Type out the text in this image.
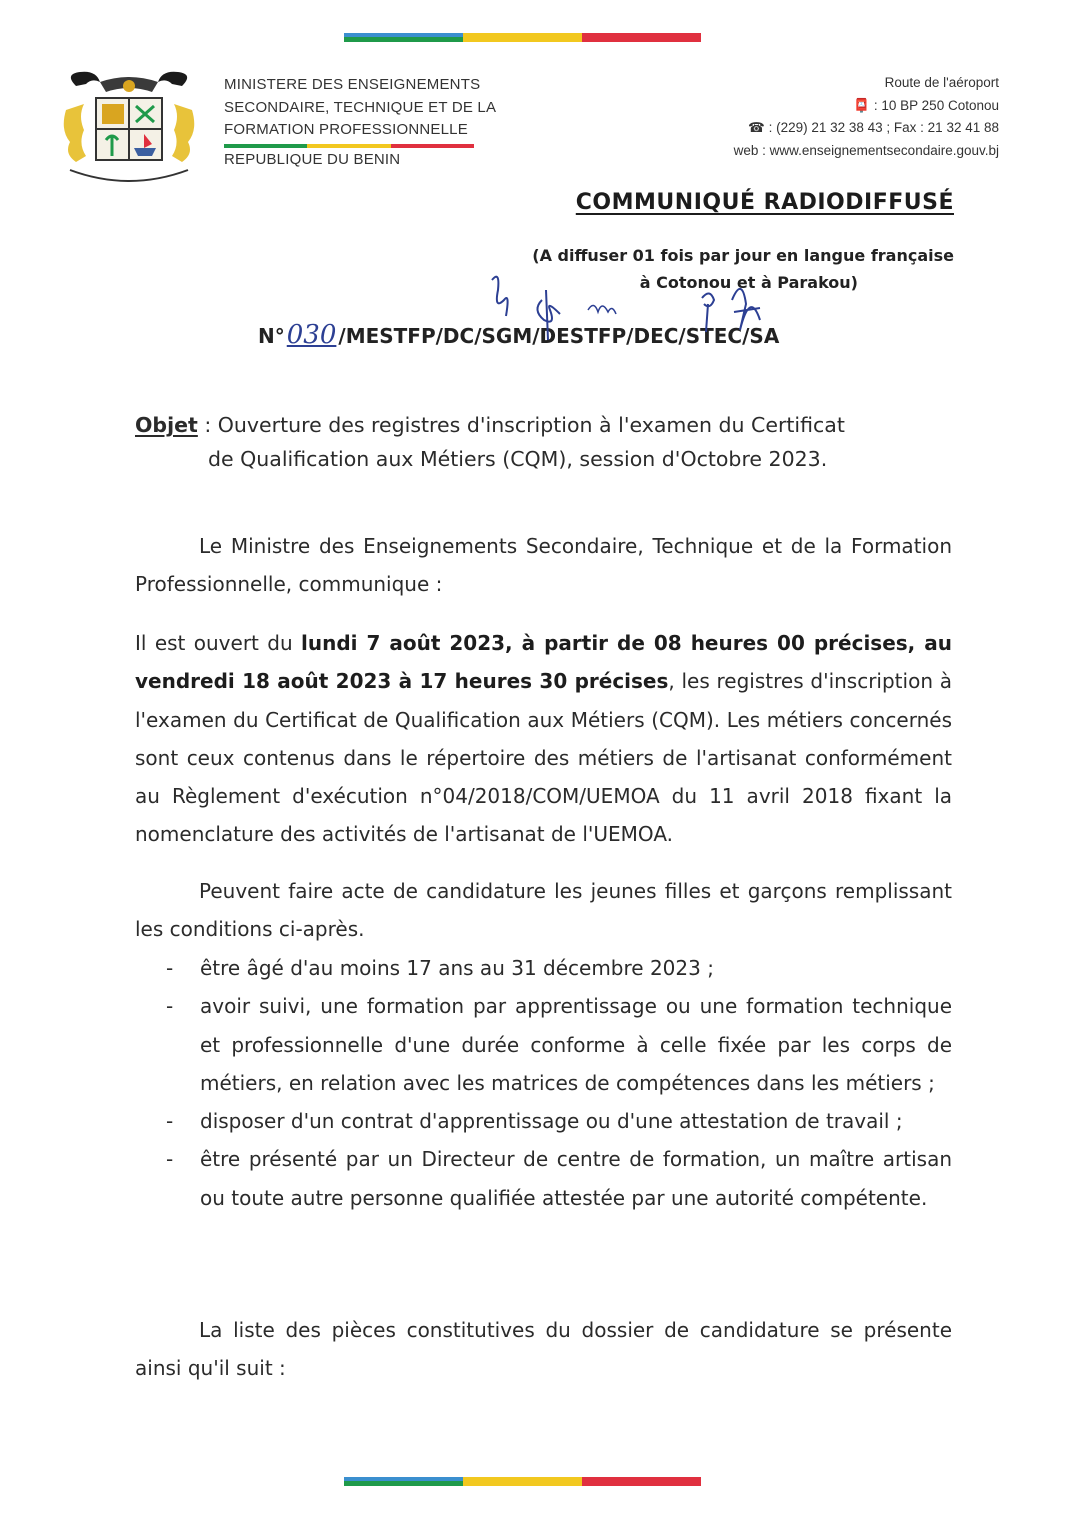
MINISTERE DES ENSEIGNEMENTS
SECONDAIRE, TECHNIQUE ET DE LA
FORMATION PROFESSIONNELLE
REPUBLIQUE DU BENIN
Route de l'aéroport
📮 : 10 BP 250 Cotonou
☎ : (229) 21 32 38 43 ; Fax : 21 32 41 88
web : www.enseignementsecondaire.gouv.bj
COMMUNIQUÉ RADIODIFFUSÉ
(A diffuser 01 fois par jour en langue française
à Cotonou et à Parakou)
N°030 /MESTFP/DC/SGM/DESTFP/DEC/STEC/SA
Objet : Ouverture des registres d'inscription à l'examen du Certificat
de Qualification aux Métiers (CQM), session d'Octobre 2023.

Le Ministre des Enseignements Secondaire, Technique et de la Formation Professionnelle, communique :

Il est ouvert du lundi 7 août 2023, à partir de 08 heures 00 précises, au vendredi 18 août 2023 à 17 heures 30 précises, les registres d'inscription à l'examen du Certificat de Qualification aux Métiers (CQM). Les métiers concernés sont ceux contenus dans le répertoire des métiers de l'artisanat conformément au Règlement d'exécution n°04/2018/COM/UEMOA du 11 avril 2018 fixant la nomenclature des activités de l'artisanat de l'UEMOA.

Peuvent faire acte de candidature les jeunes filles et garçons remplissant les conditions ci-après.

- être âgé d'au moins 17 ans au 31 décembre 2023 ;
- avoir suivi, une formation par apprentissage ou une formation technique et professionnelle d'une durée conforme à celle fixée par les corps de métiers, en relation avec les matrices de compétences dans les métiers ;
- disposer d'un contrat d'apprentissage ou d'une attestation de travail ;
- être présenté par un Directeur de centre de formation, un maître artisan ou toute autre personne qualifiée attestée par une autorité compétente.

La liste des pièces constitutives du dossier de candidature se présente ainsi qu'il suit :
